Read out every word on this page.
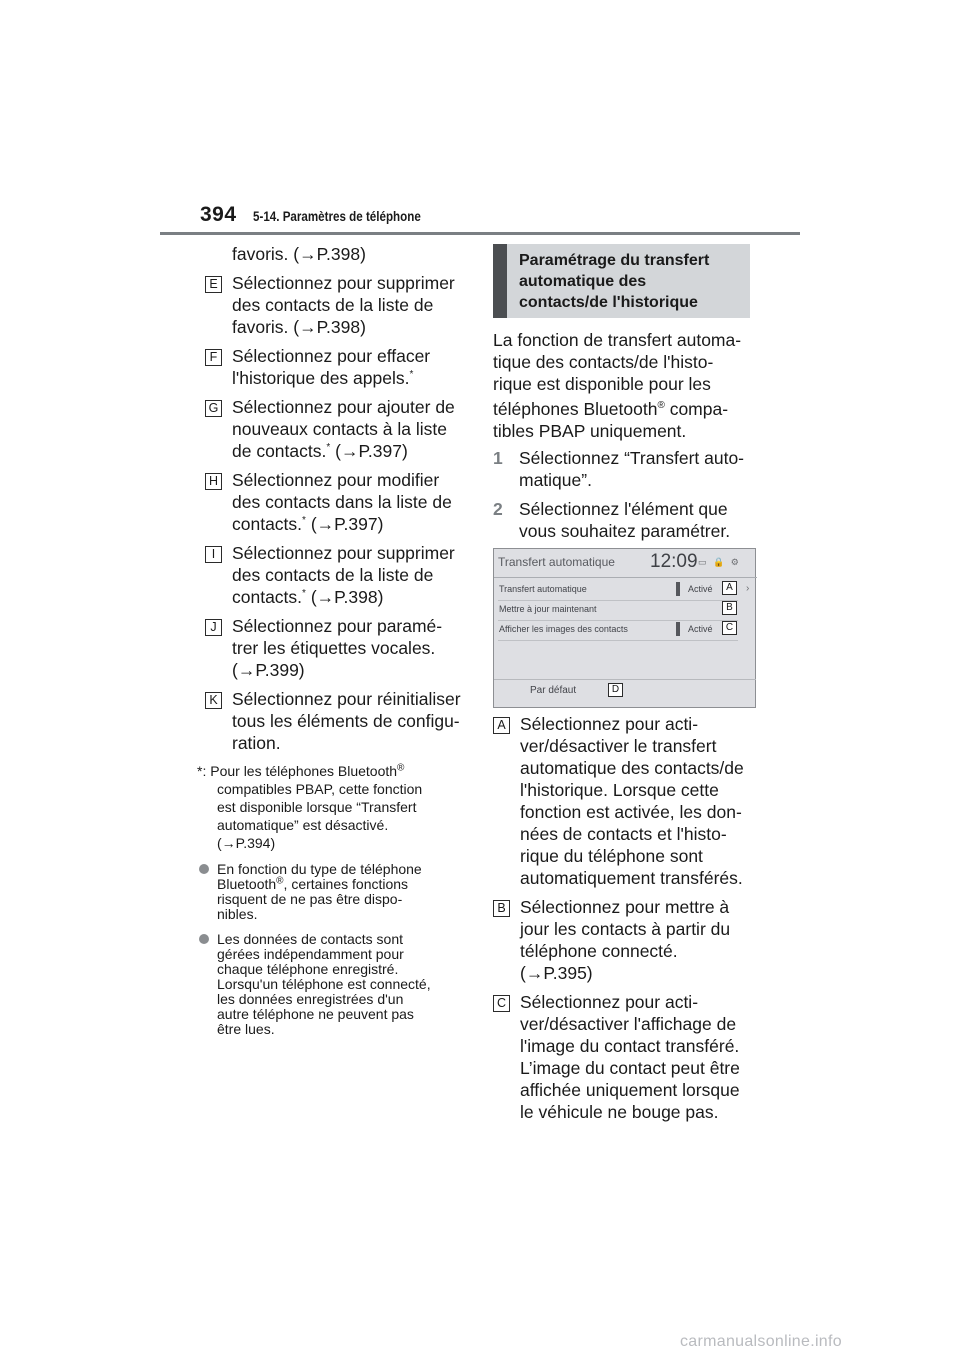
394 5-14. Paramètres de téléphone
favoris. (→P.398)
E Sélectionnez pour supprimer
des contacts de la liste de
favoris. (→P.398)
F Sélectionnez pour effacer
l'historique des appels.*
G Sélectionnez pour ajouter de
nouveaux contacts à la liste
de contacts.* (→P.397)
H Sélectionnez pour modifier
des contacts dans la liste de
contacts.* (→P.397)
I Sélectionnez pour supprimer
des contacts de la liste de
contacts.* (→P.398)
J Sélectionnez pour paramé-
trer les étiquettes vocales.
(→P.399)
K Sélectionnez pour réinitialiser
tous les éléments de configu-
ration.
*: Pour les téléphones Bluetooth®
compatibles PBAP, cette fonction
est disponible lorsque “Transfert
automatique” est désactivé.
(→P.394)
En fonction du type de téléphone
Bluetooth®, certaines fonctions
risquent de ne pas être dispo-
nibles.
Les données de contacts sont
gérées indépendamment pour
chaque téléphone enregistré.
Lorsqu'un téléphone est connecté,
les données enregistrées d'un
autre téléphone ne peuvent pas
être lues.
Paramétrage du transfert
automatique des
contacts/de l'historique
La fonction de transfert automa-
tique des contacts/de l'histo-
rique est disponible pour les
téléphones Bluetooth® compa-
tibles PBAP uniquement.
1 Sélectionnez “Transfert auto-
matique”.
2 Sélectionnez l'élément que
vous souhaitez paramétrer.
Transfert automatique 12:09 ▭ 🔒 ⚙
›
Transfert automatique	Activé
Mettre à jour maintenant
Afficher les images des contacts	Activé
A
B
C
Par défaut	D
A Sélectionnez pour acti-
ver/désactiver le transfert
automatique des contacts/de
l'historique. Lorsque cette
fonction est activée, les don-
nées de contacts et l'histo-
rique du téléphone sont
automatiquement transférés.
B Sélectionnez pour mettre à
jour les contacts à partir du
téléphone connecté.
(→P.395)
C Sélectionnez pour acti-
ver/désactiver l'affichage de
l'image du contact transféré.
L’image du contact peut être
affichée uniquement lorsque
le véhicule ne bouge pas.
carmanualsonline.info
